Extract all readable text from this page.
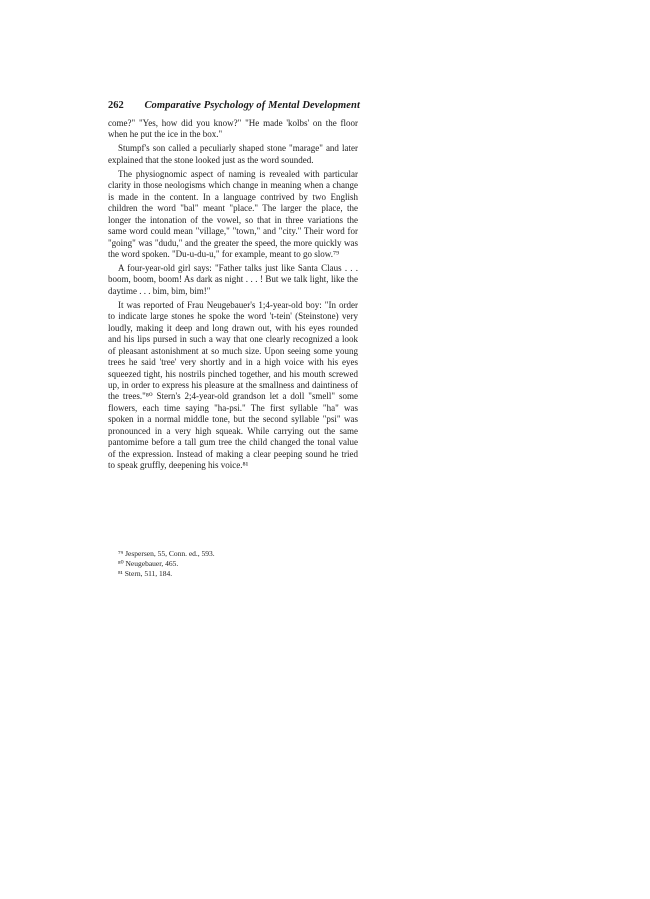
262 Comparative Psychology of Mental Development

come?" "Yes, how did you know?" "He made 'kolbs' on the floor when he put the ice in the box."

Stumpf's son called a peculiarly shaped stone "marage" and later explained that the stone looked just as the word sounded.

The physiognomic aspect of naming is revealed with particular clarity in those neologisms which change in meaning when a change is made in the content. In a language contrived by two English children the word "bal" meant "place." The larger the place, the longer the intonation of the vowel, so that in three variations the same word could mean "village," "town," and "city." Their word for "going" was "dudu," and the greater the speed, the more quickly was the word spoken. "Du-u-du-u," for example, meant to go slow.⁷⁹

A four-year-old girl says: "Father talks just like Santa Claus . . . boom, boom, boom! As dark as night . . . ! But we talk light, like the daytime . . . bim, bim, bim!"

It was reported of Frau Neugebauer's 1;4-year-old boy: "In order to indicate large stones he spoke the word 't-tein' (Steinstone) very loudly, making it deep and long drawn out, with his eyes rounded and his lips pursed in such a way that one clearly recognized a look of pleasant astonishment at so much size. Upon seeing some young trees he said 'tree' very shortly and in a high voice with his eyes squeezed tight, his nostrils pinched together, and his mouth screwed up, in order to express his pleasure at the smallness and daintiness of the trees."⁸⁰ Stern's 2;4-year-old grandson let a doll "smell" some flowers, each time saying "ha-psi." The first syllable "ha" was spoken in a normal middle tone, but the second syllable "psi" was pronounced in a very high squeak. While carrying out the same pantomime before a tall gum tree the child changed the tonal value of the expression. Instead of making a clear peeping sound he tried to speak gruffly, deepening his voice.⁸¹

⁷⁹ Jespersen, 55, Conn. ed., 593.
⁸⁰ Neugebauer, 465.
⁸¹ Stern, 511, 184.
